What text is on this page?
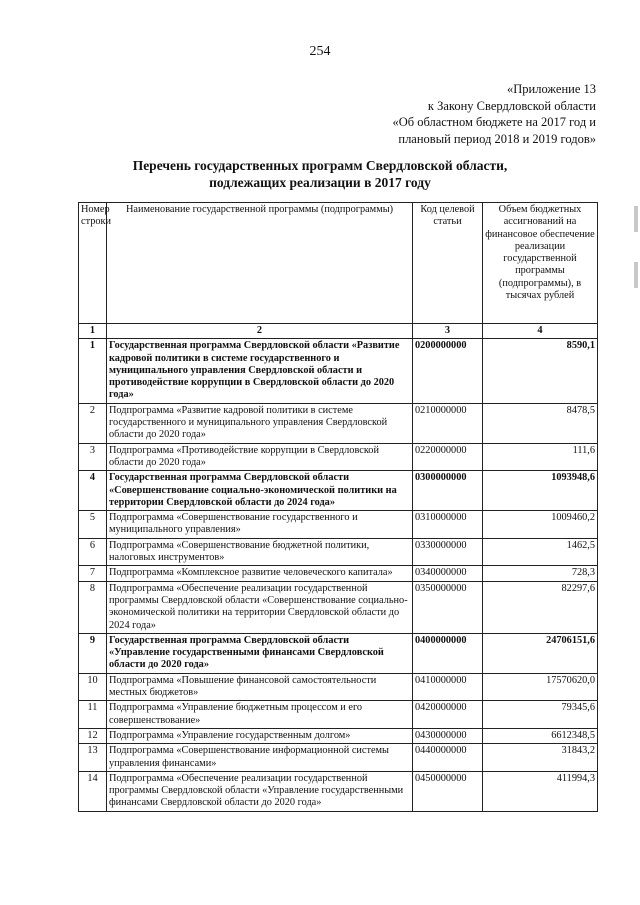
254
«Приложение 13
к Закону Свердловской области
«Об областном бюджете на 2017 год и
плановый период 2018 и 2019 годов»
Перечень государственных программ Свердловской области,
подлежащих реализации в 2017 году
Номер строки	Наименование государственной программы (подпрограммы)	Код целевой статьи	Объем бюджетных ассигнований на финансовое обеспечение реализации государственной программы (подпрограммы), в тысячах рублей
1	2	3	4
1	Государственная программа Свердловской области «Развитие кадровой политики в системе государственного и муниципального управления Свердловской области и противодействие коррупции в Свердловской области до 2020 года»	0200000000	8590,1
2	Подпрограмма «Развитие кадровой политики в системе государственного и муниципального управления Свердловской области до 2020 года»	0210000000	8478,5
3	Подпрограмма «Противодействие коррупции в Свердловской области до 2020 года»	0220000000	111,6
4	Государственная программа Свердловской области «Совершенствование социально-экономической политики на территории Свердловской области до 2024 года»	0300000000	1093948,6
5	Подпрограмма «Совершенствование государственного и муниципального управления»	0310000000	1009460,2
6	Подпрограмма «Совершенствование бюджетной политики, налоговых инструментов»	0330000000	1462,5
7	Подпрограмма «Комплексное развитие человеческого капитала»	0340000000	728,3
8	Подпрограмма «Обеспечение реализации государственной программы Свердловской области «Совершенствование социально-экономической политики на территории Свердловской области до 2024 года»	0350000000	82297,6
9	Государственная программа Свердловской области «Управление государственными финансами Свердловской области до 2020 года»	0400000000	24706151,6
10	Подпрограмма «Повышение финансовой самостоятельности местных бюджетов»	0410000000	17570620,0
11	Подпрограмма «Управление бюджетным процессом и его совершенствование»	0420000000	79345,6
12	Подпрограмма «Управление государственным долгом»	0430000000	6612348,5
13	Подпрограмма «Совершенствование информационной системы управления финансами»	0440000000	31843,2
14	Подпрограмма «Обеспечение реализации государственной программы Свердловской области «Управление государственными финансами Свердловской области до 2020 года»	0450000000	411994,3
